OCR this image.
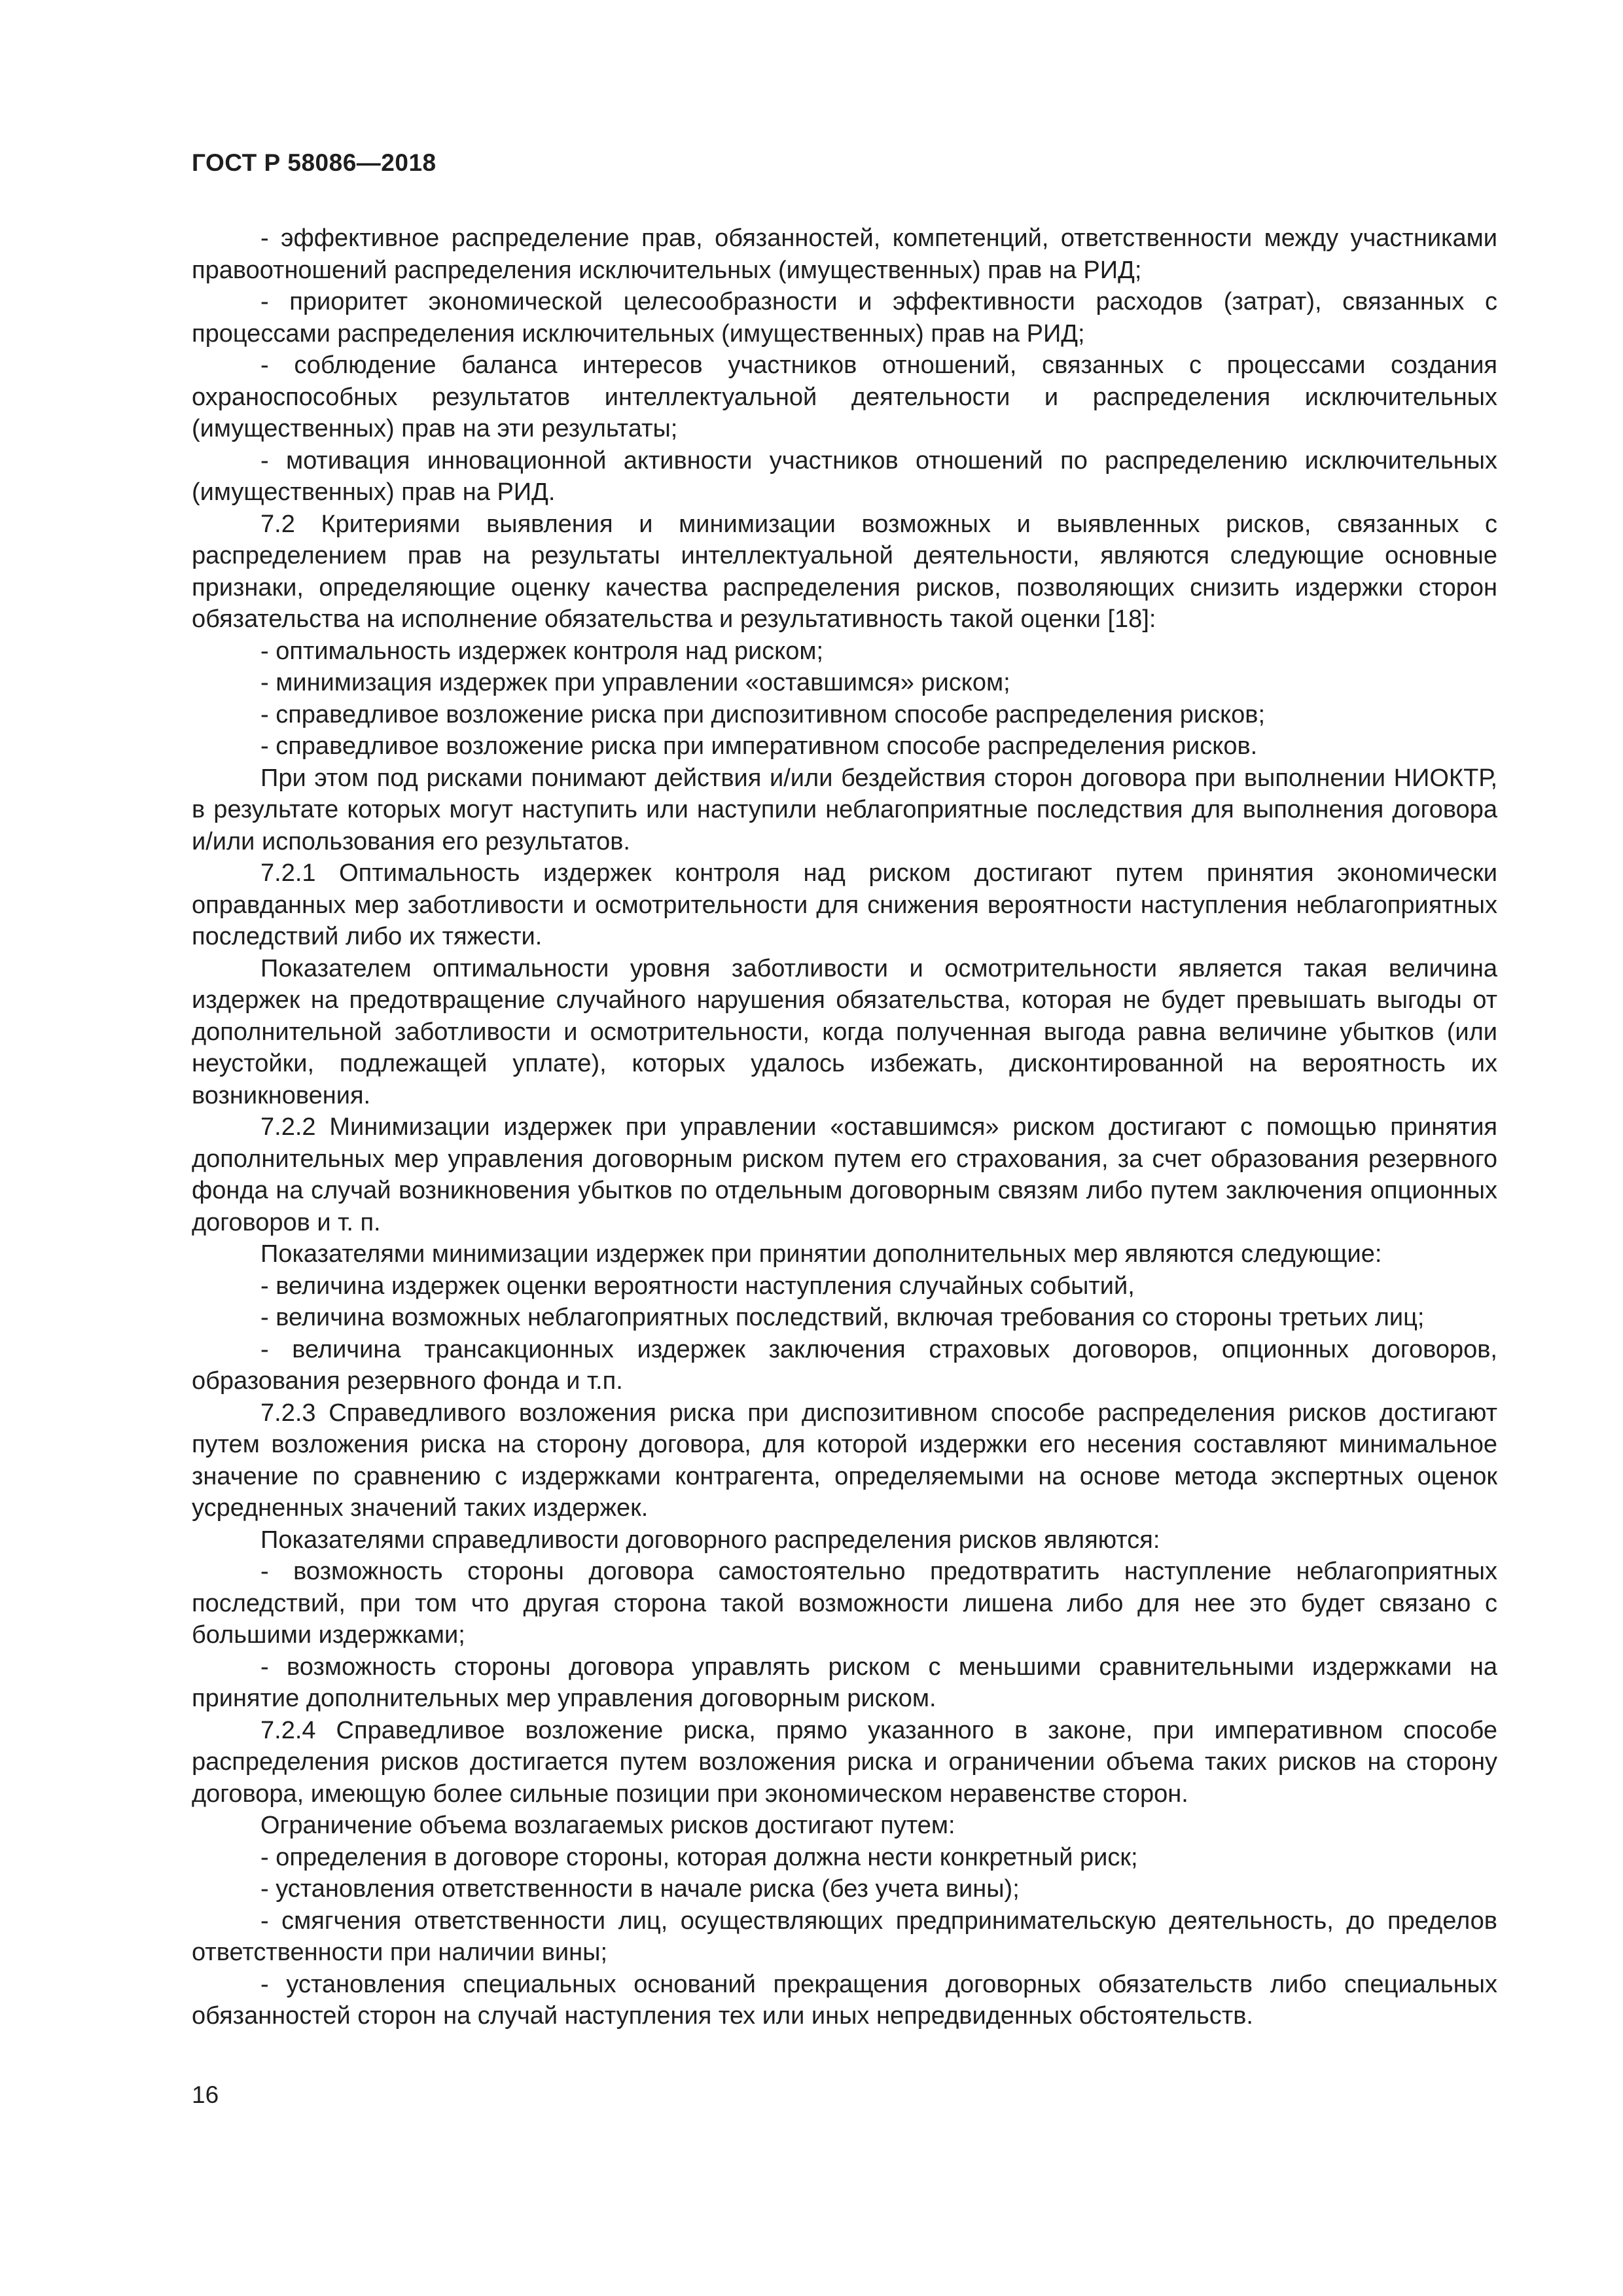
ГОСТ Р 58086—2018

- эффективное распределение прав, обязанностей, компетенций, ответственности между участниками правоотношений распределения исключительных (имущественных) прав на РИД;

- приоритет экономической целесообразности и эффективности расходов (затрат), связанных с процессами распределения исключительных (имущественных) прав на РИД;

- соблюдение баланса интересов участников отношений, связанных с процессами создания охраноспособных результатов интеллектуальной деятельности и распределения исключительных (имущественных) прав на эти результаты;

- мотивация инновационной активности участников отношений по распределению исключительных (имущественных) прав на РИД.

7.2 Критериями выявления и минимизации возможных и выявленных рисков, связанных с распределением прав на результаты интеллектуальной деятельности, являются следующие основные признаки, определяющие оценку качества распределения рисков, позволяющих снизить издержки сторон обязательства на исполнение обязательства и результативность такой оценки [18]:

- оптимальность издержек контроля над риском;

- минимизация издержек при управлении «оставшимся» риском;

- справедливое возложение риска при диспозитивном способе распределения рисков;

- справедливое возложение риска при императивном способе распределения рисков.

При этом под рисками понимают действия и/или бездействия сторон договора при выполнении НИОКТР, в результате которых могут наступить или наступили неблагоприятные последствия для выполнения договора и/или использования его результатов.

7.2.1 Оптимальность издержек контроля над риском достигают путем принятия экономически оправданных мер заботливости и осмотрительности для снижения вероятности наступления неблагоприятных последствий либо их тяжести.

Показателем оптимальности уровня заботливости и осмотрительности является такая величина издержек на предотвращение случайного нарушения обязательства, которая не будет превышать выгоды от дополнительной заботливости и осмотрительности, когда полученная выгода равна величине убытков (или неустойки, подлежащей уплате), которых удалось избежать, дисконтированной на вероятность их возникновения.

7.2.2 Минимизации издержек при управлении «оставшимся» риском достигают с помощью принятия дополнительных мер управления договорным риском путем его страхования, за счет образования резервного фонда на случай возникновения убытков по отдельным договорным связям либо путем заключения опционных договоров и т. п.

Показателями минимизации издержек при принятии дополнительных мер являются следующие:

- величина издержек оценки вероятности наступления случайных событий,

- величина возможных неблагоприятных последствий, включая требования со стороны третьих лиц;

- величина трансакционных издержек заключения страховых договоров, опционных договоров, образования резервного фонда и т.п.

7.2.3 Справедливого возложения риска при диспозитивном способе распределения рисков достигают путем возложения риска на сторону договора, для которой издержки его несения составляют минимальное значение по сравнению с издержками контрагента, определяемыми на основе метода экспертных оценок усредненных значений таких издержек.

Показателями справедливости договорного распределения рисков являются:

- возможность стороны договора самостоятельно предотвратить наступление неблагоприятных последствий, при том что другая сторона такой возможности лишена либо для нее это будет связано с большими издержками;

- возможность стороны договора управлять риском с меньшими сравнительными издержками на принятие дополнительных мер управления договорным риском.

7.2.4 Справедливое возложение риска, прямо указанного в законе, при императивном способе распределения рисков достигается путем возложения риска и ограничении объема таких рисков на сторону договора, имеющую более сильные позиции при экономическом неравенстве сторон.

Ограничение объема возлагаемых рисков достигают путем:

- определения в договоре стороны, которая должна нести конкретный риск;

- установления ответственности в начале риска (без учета вины);

- смягчения ответственности лиц, осуществляющих предпринимательскую деятельность, до пределов ответственности при наличии вины;

- установления специальных оснований прекращения договорных обязательств либо специальных обязанностей сторон на случай наступления тех или иных непредвиденных обстоятельств.

16
